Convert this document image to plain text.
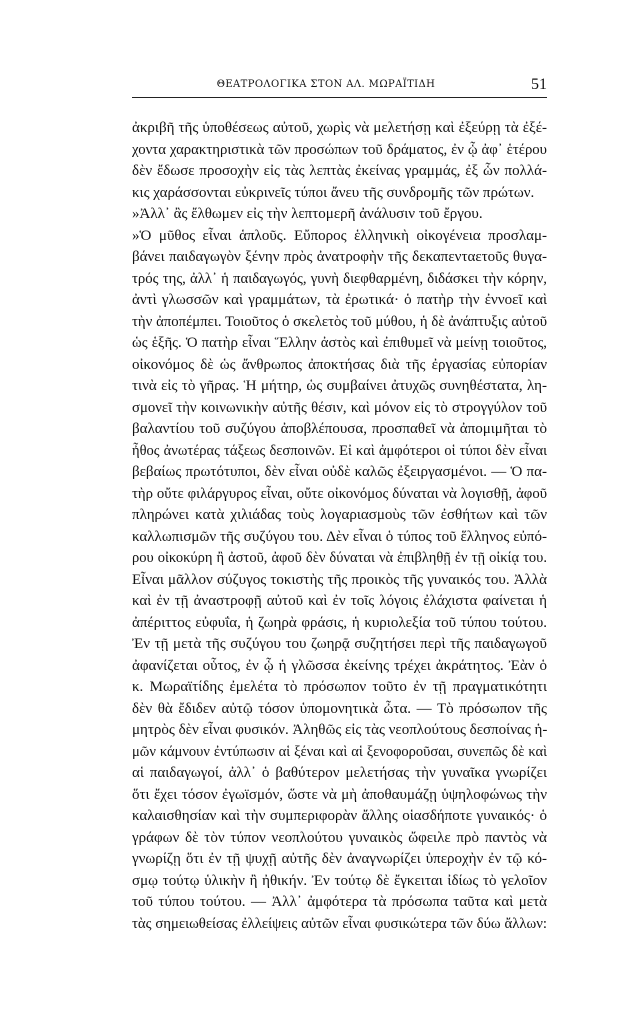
ΘΕΑΤΡΟΛΟΓΙΚΑ ΣΤΟΝ ΑΛ. ΜΩΡΑΪΤΙΔΗ	51
ἀκριβῆ τῆς ὑποθέσεως αὐτοῦ, χωρὶς νὰ μελετήσῃ καὶ ἐξεύρῃ τὰ ἐξέ-
χοντα χαρακτηριστικὰ τῶν προσώπων τοῦ δράματος, ἐν ᾧ ἀφ᾽ ἑτέρου
δὲν ἔδωσε προσοχὴν εἰς τὰς λεπτὰς ἐκείνας γραμμάς, ἐξ ὧν πολλά-
κις χαράσσονται εὐκρινεῖς τύποι ἄνευ τῆς συνδρομῆς τῶν πρώτων.
»Ἀλλ᾽ ἂς ἔλθωμεν εἰς τὴν λεπτομερῆ ἀνάλυσιν τοῦ ἔργου.
»Ὁ μῦθος εἶναι ἁπλοῦς. Εὔπορος ἑλληνικὴ οἰκογένεια προσλαμ-
βάνει παιδαγωγὸν ξένην πρὸς ἀνατροφὴν τῆς δεκαπενταετοῦς θυγα-
τρός της, ἀλλ᾽ ἡ παιδαγωγός, γυνὴ διεφθαρμένη, διδάσκει τὴν κόρην,
ἀντὶ γλωσσῶν καὶ γραμμάτων, τὰ ἐρωτικά· ὁ πατὴρ τὴν ἐννοεῖ καὶ
τὴν ἀποπέμπει. Τοιοῦτος ὁ σκελετὸς τοῦ μύθου, ἡ δὲ ἀνάπτυξις αὐτοῦ
ὡς ἑξῆς. Ὁ πατὴρ εἶναι Ἕλλην ἀστὸς καὶ ἐπιθυμεῖ νὰ μείνῃ τοιοῦτος,
οἰκονόμος δὲ ὡς ἄνθρωπος ἀποκτήσας διὰ τῆς ἐργασίας εὐπορίαν
τινὰ εἰς τὸ γῆρας. Ἡ μήτηρ, ὡς συμβαίνει ἀτυχῶς συνηθέστατα, λη-
σμονεῖ τὴν κοινωνικὴν αὐτῆς θέσιν, καὶ μόνον εἰς τὸ στρογγύλον τοῦ
βαλαντίου τοῦ συζύγου ἀποβλέπουσα, προσπαθεῖ νὰ ἀπομιμῆται τὸ
ἦθος ἀνωτέρας τάξεως δεσποινῶν. Εἰ καὶ ἀμφότεροι οἱ τύποι δὲν εἶναι
βεβαίως πρωτότυποι, δὲν εἶναι οὐδὲ καλῶς ἐξειργασμένοι. — Ὁ πα-
τὴρ οὔτε φιλάργυρος εἶναι, οὔτε οἰκονόμος δύναται νὰ λογισθῇ, ἀφοῦ
πληρώνει κατὰ χιλιάδας τοὺς λογαριασμοὺς τῶν ἐσθήτων καὶ τῶν
καλλωπισμῶν τῆς συζύγου του. Δὲν εἶναι ὁ τύπος τοῦ ἕλληνος εὐπό-
ρου οἰκοκύρη ἢ ἀστοῦ, ἀφοῦ δὲν δύναται νὰ ἐπιβληθῇ ἐν τῇ οἰκίᾳ του.
Εἶναι μᾶλλον σύζυγος τοκιστὴς τῆς προικὸς τῆς γυναικός του. Ἀλλὰ
καὶ ἐν τῇ ἀναστροφῇ αὐτοῦ καὶ ἐν τοῖς λόγοις ἐλάχιστα φαίνεται ἡ
ἀπέριττος εὐφυΐα, ἡ ζωηρὰ φράσις, ἡ κυριολεξία τοῦ τύπου τούτου.
Ἐν τῇ μετὰ τῆς συζύγου του ζωηρᾷ συζητήσει περὶ τῆς παιδαγωγοῦ
ἀφανίζεται οὗτος, ἐν ᾧ ἡ γλῶσσα ἐκείνης τρέχει ἀκράτητος. Ἐὰν ὁ
κ. Μωραϊτίδης ἐμελέτα τὸ πρόσωπον τοῦτο ἐν τῇ πραγματικότητι
δὲν θὰ ἔδιδεν αὐτῷ τόσον ὑπομονητικὰ ὦτα. — Τὸ πρόσωπον τῆς
μητρὸς δὲν εἶναι φυσικόν. Ἀληθῶς εἰς τὰς νεοπλούτους δεσποίνας ἡ-
μῶν κάμνουν ἐντύπωσιν αἱ ξέναι καὶ αἱ ξενοφοροῦσαι, συνεπῶς δὲ καὶ
αἱ παιδαγωγοί, ἀλλ᾽ ὁ βαθύτερον μελετήσας τὴν γυναῖκα γνωρίζει
ὅτι ἔχει τόσον ἐγωϊσμόν, ὥστε νὰ μὴ ἀποθαυμάζῃ ὑψηλοφώνως τὴν
καλαισθησίαν καὶ τὴν συμπεριφορὰν ἄλλης οἱασδήποτε γυναικός· ὁ
γράφων δὲ τὸν τύπον νεοπλούτου γυναικὸς ὤφειλε πρὸ παντὸς νὰ
γνωρίζῃ ὅτι ἐν τῇ ψυχῇ αὐτῆς δὲν ἀναγνωρίζει ὑπεροχὴν ἐν τῷ κό-
σμῳ τούτῳ ὑλικὴν ἢ ἠθικήν. Ἐν τούτῳ δὲ ἔγκειται ἰδίως τὸ γελοῖον
τοῦ τύπου τούτου. — Ἀλλ᾽ ἀμφότερα τὰ πρόσωπα ταῦτα καὶ μετὰ
τὰς σημειωθείσας ἐλλείψεις αὐτῶν εἶναι φυσικώτερα τῶν δύω ἄλλων:
